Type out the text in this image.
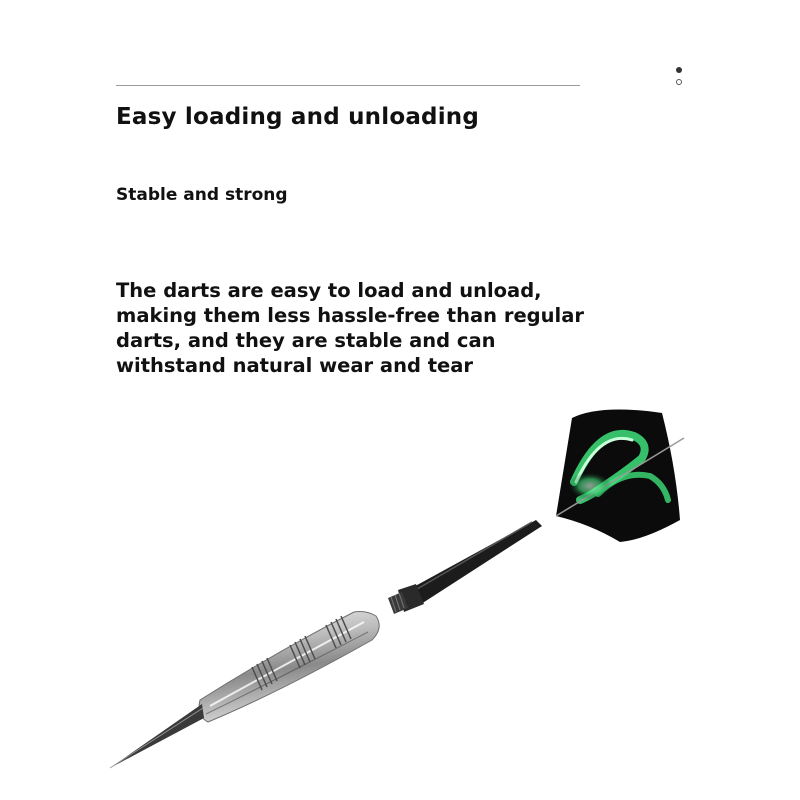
Easy loading and unloading
Stable and strong

The darts are easy to load and unload,
making them less hassle-free than regular
darts, and they are stable and can
withstand natural wear and tear
